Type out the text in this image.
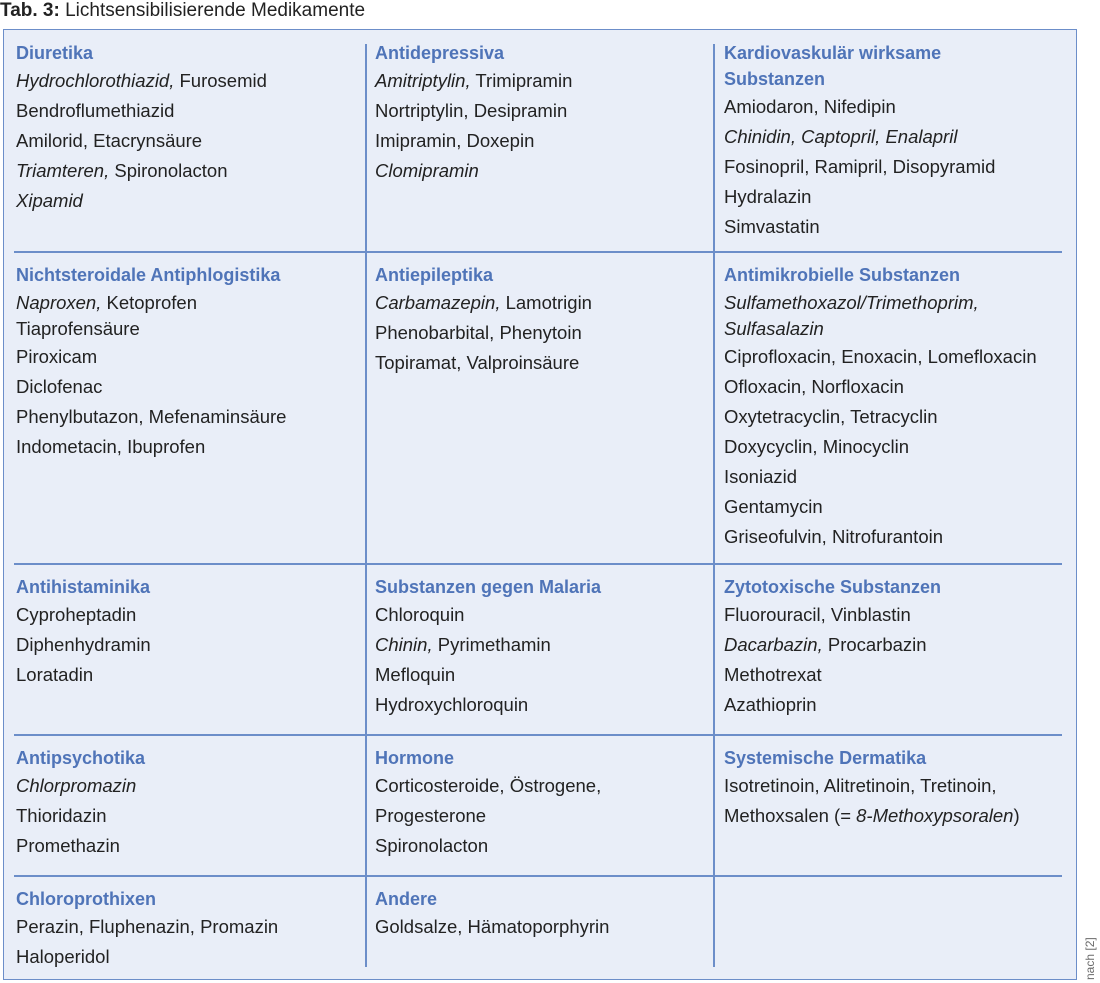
Tab. 3: Lichtsensibilisierende Medikamente
Diuretika
Hydrochlorothiazid, Furosemid
Bendroflumethiazid
Amilorid, Etacrynsäure
Triamteren, Spironolacton
Xipamid
Antidepressiva
Amitriptylin, Trimipramin
Nortriptylin, Desipramin
Imipramin, Doxepin
Clomipramin
Kardiovaskulär wirksame
Substanzen
Amiodaron, Nifedipin
Chinidin, Captopril, Enalapril
Fosinopril, Ramipril, Disopyramid
Hydralazin
Simvastatin
Nichtsteroidale Antiphlogistika
Naproxen, Ketoprofen
Tiaprofensäure
Piroxicam
Diclofenac
Phenylbutazon, Mefenaminsäure
Indometacin, Ibuprofen
Antiepileptika
Carbamazepin, Lamotrigin
Phenobarbital, Phenytoin
Topiramat, Valproinsäure
Antimikrobielle Substanzen
Sulfamethoxazol/Trimethoprim,
Sulfasalazin
Ciprofloxacin, Enoxacin, Lomefloxacin
Ofloxacin, Norfloxacin
Oxytetracyclin, Tetracyclin
Doxycyclin, Minocyclin
Isoniazid
Gentamycin
Griseofulvin, Nitrofurantoin
Antihistaminika
Cyproheptadin
Diphenhydramin
Loratadin
Substanzen gegen Malaria
Chloroquin
Chinin, Pyrimethamin
Mefloquin
Hydroxychloroquin
Zytotoxische Substanzen
Fluorouracil, Vinblastin
Dacarbazin, Procarbazin
Methotrexat
Azathioprin
Antipsychotika
Chlorpromazin
Thioridazin
Promethazin
Hormone
Corticosteroide, Östrogene,
Progesterone
Spironolacton
Systemische Dermatika
Isotretinoin, Alitretinoin, Tretinoin,
Methoxsalen (= 8-Methoxypsoralen)
Chloroprothixen
Perazin, Fluphenazin, Promazin
Haloperidol
Andere
Goldsalze, Hämatoporphyrin
nach [2]
